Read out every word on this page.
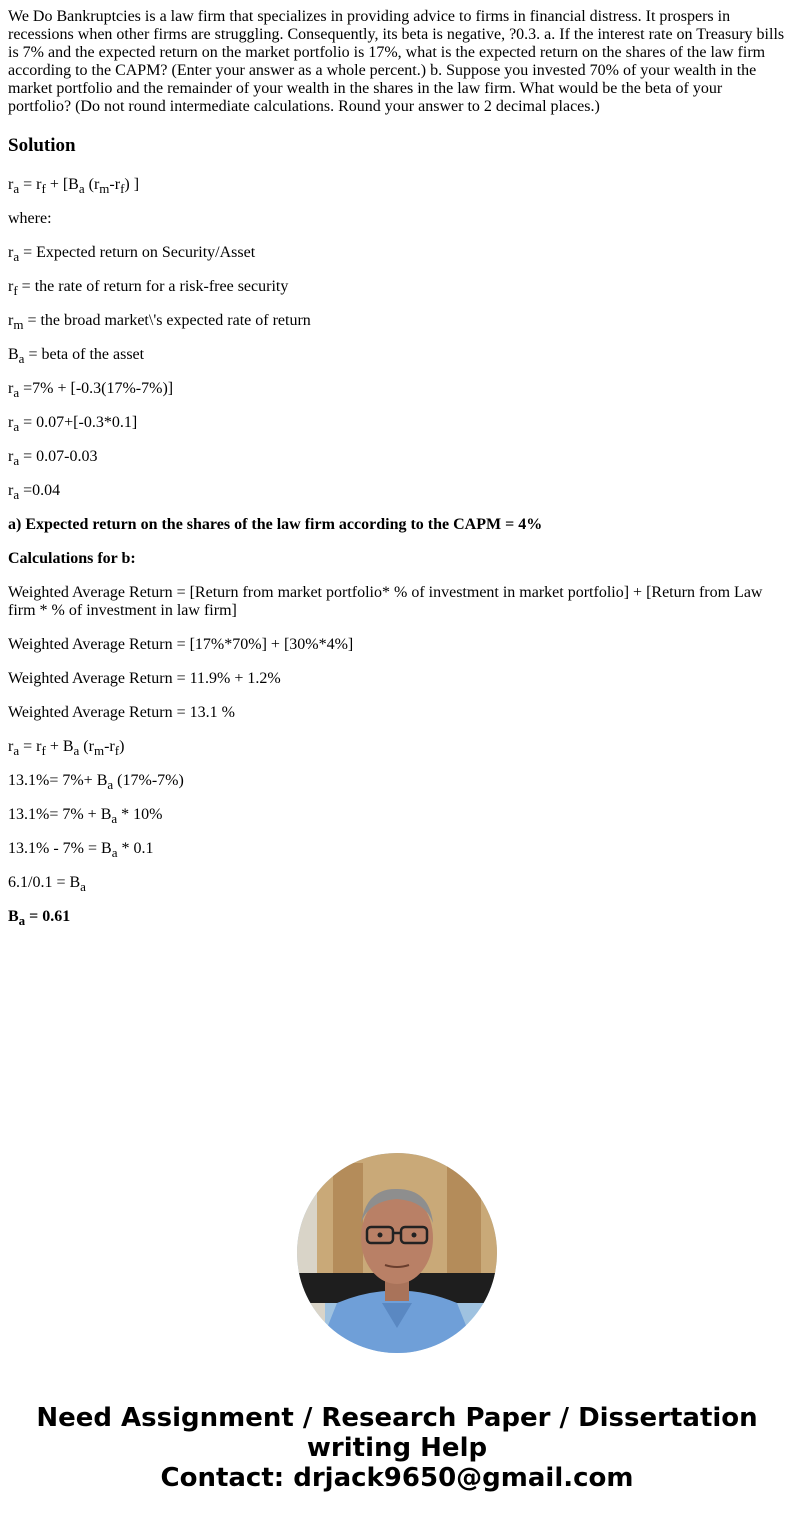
We Do Bankruptcies is a law firm that specializes in providing advice to firms in financial distress. It prospers in recessions when other firms are struggling. Consequently, its beta is negative, ?0.3. a. If the interest rate on Treasury bills is 7% and the expected return on the market portfolio is 17%, what is the expected return on the shares of the law firm according to the CAPM? (Enter your answer as a whole percent.) b. Suppose you invested 70% of your wealth in the market portfolio and the remainder of your wealth in the shares in the law firm. What would be the beta of your portfolio? (Do not round intermediate calculations. Round your answer to 2 decimal places.)

Solution

$r_a = r_f + [B_a$ $(r_m-r_f)$ ]

where:

$r_a$ = Expected return on Security/Asset

$r_f$ = the rate of return for a risk-free security

$r_m$ = the broad market\'s expected rate of return

$B_a$ = beta of the asset

$r_a =7\% + [-0.3(17\%-7\%)]$

$r_a = 0.07+[-0.3*0.1]$

$r_a = 0.07-0.03$

$r_a =0.04$

a) Expected return on the shares of the law firm according to the CAPM = 4%

Calculations for b:

Weighted Average Return = [Return from market portfolio* % of investment in market portfolio] + [Return from Law firm * % of investment in law firm]

Weighted Average Return = [17%*70%] + [30%*4%]

Weighted Average Return = 11.9% + 1.2%

Weighted Average Return = 13.1 %

$r_a = r_f + B_a$ $(r_m-r_f)$

$13.1\%= 7\%+ B_a$ (17%-7%)

$13.1\%= 7\% + B_a * 10\%$

$13.1\% - 7\% = B_a * 0.1$

$6.1/0.1 = B_a$

$B_a = 0.61$

Need Assignment / Research Paper / Dissertation
writing Help
Contact: drjack9650@gmail.com
